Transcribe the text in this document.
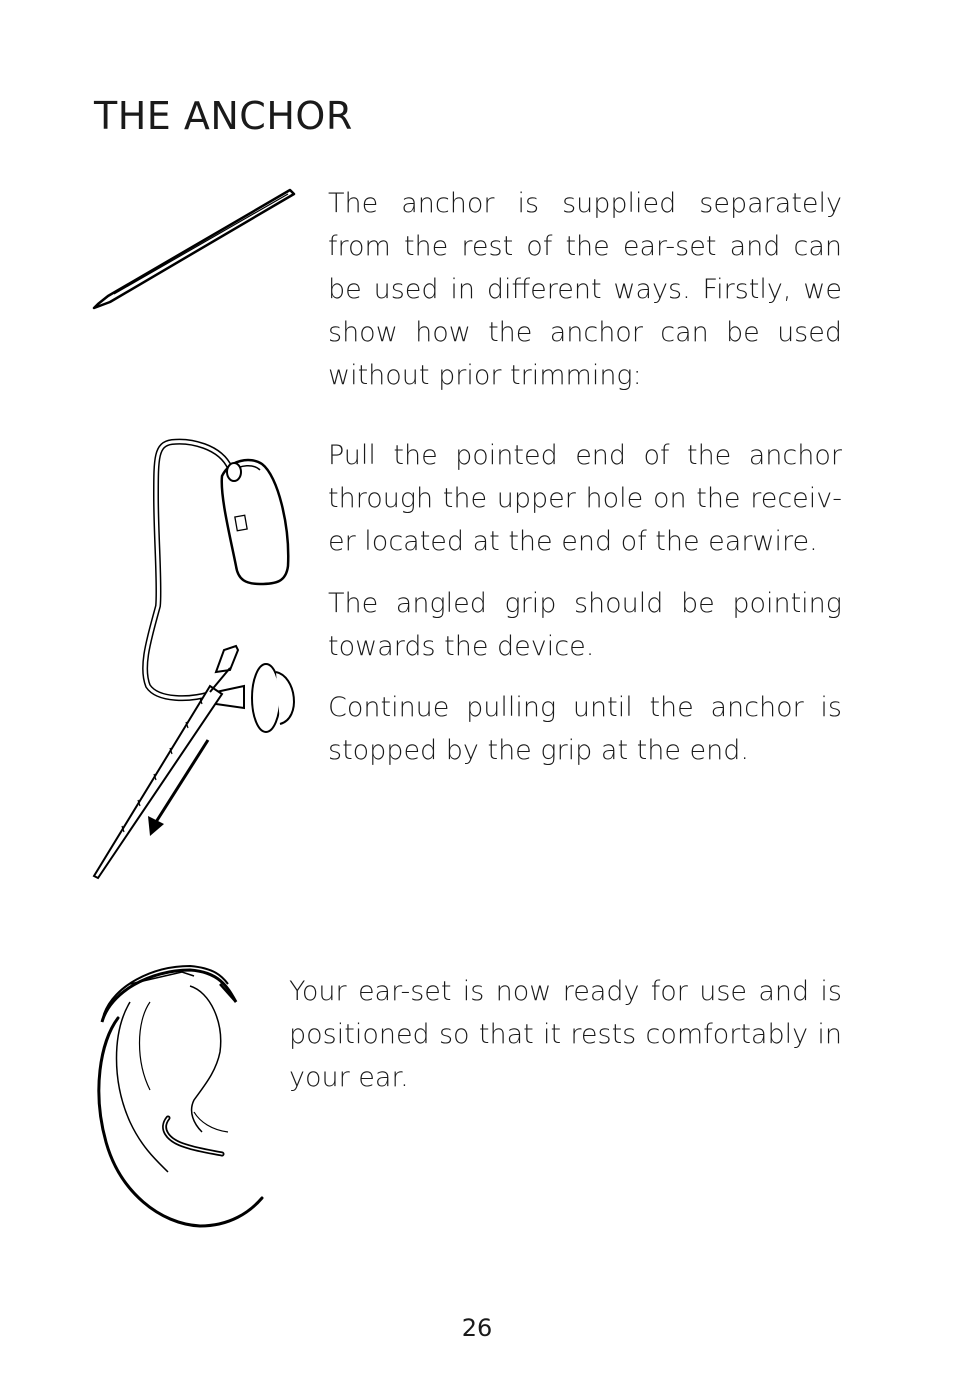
THE ANCHOR

The anchor is supplied separately from the rest of the ear-set and can be used in different ways. Firstly, we show how the anchor can be used without prior trimming:

Pull the pointed end of the anchor through the upper hole on the receiv-er located at the end of the earwire.

The angled grip should be pointing towards the device.

Continue pulling until the anchor is stopped by the grip at the end.

Your ear-set is now ready for use and is positioned so that it rests comfortably in your ear.

26
